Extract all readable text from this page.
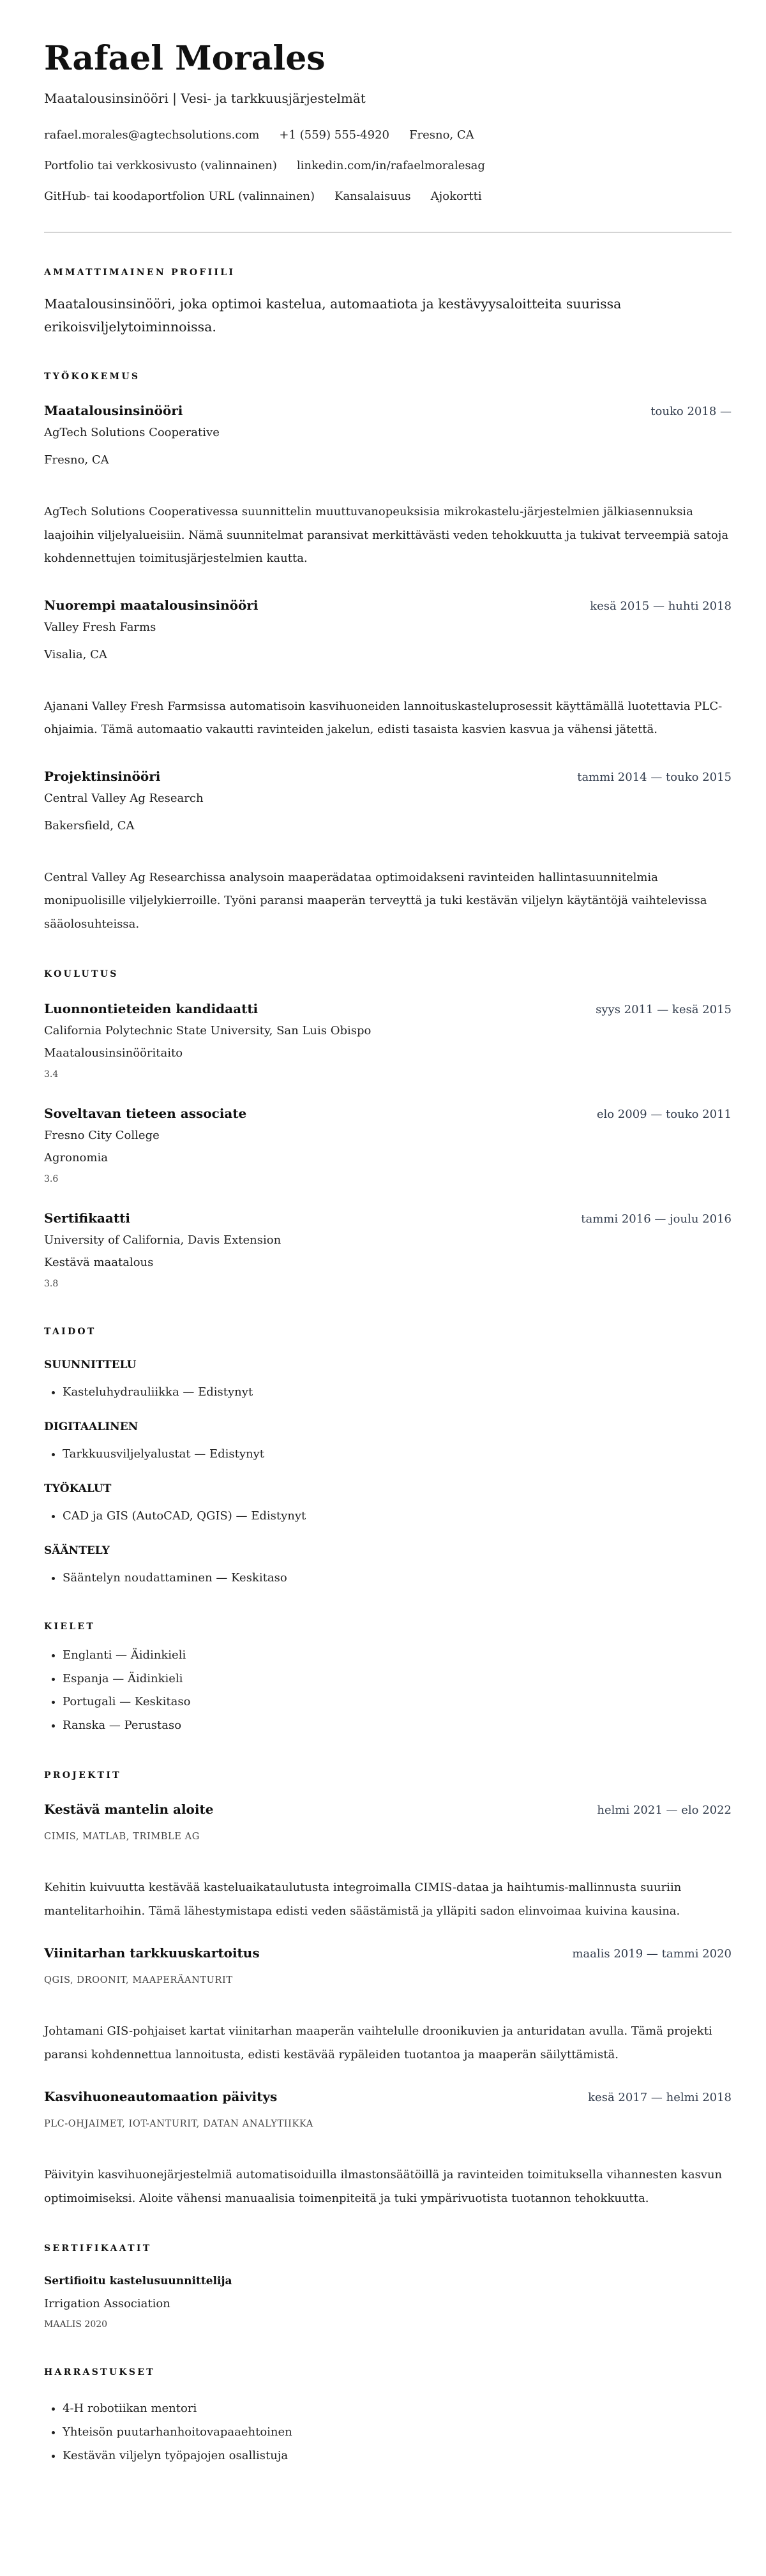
Rafael Morales
Maatalousinsinööri | Vesi- ja tarkkuusjärjestelmät
rafael.morales@agtechsolutions.com +1 (559) 555-4920 Fresno, CA
Portfolio tai verkkosivusto (valinnainen) linkedin.com/in/rafaelmoralesag
GitHub- tai koodaportfolion URL (valinnainen) Kansalaisuus Ajokortti
AMMATTIMAINEN PROFIILI
Maatalousinsinööri, joka optimoi kastelua, automaatiota ja kestävyysaloitteita suurissa erikoisviljelytoiminnoissa.
TYÖKOKEMUS
Maatalousinsinööri	touko 2018 —
AgTech Solutions Cooperative
Fresno, CA
AgTech Solutions Cooperativessa suunnittelin muuttuvanopeuksisia mikrokastelu-järjestelmien jälkiasennuksia laajoihin viljelyalueisiin. Nämä suunnitelmat paransivat merkittävästi veden tehokkuutta ja tukivat terveempiä satoja kohdennettujen toimitusjärjestelmien kautta.
Nuorempi maatalousinsinööri	kesä 2015 — huhti 2018
Valley Fresh Farms
Visalia, CA
Ajanani Valley Fresh Farmsissa automatisoin kasvihuoneiden lannoituskasteluprosessit käyttämällä luotettavia PLC-ohjaimia. Tämä automaatio vakautti ravinteiden jakelun, edisti tasaista kasvien kasvua ja vähensi jätettä.
Projektinsinööri	tammi 2014 — touko 2015
Central Valley Ag Research
Bakersfield, CA
Central Valley Ag Researchissa analysoin maaperädataa optimoidakseni ravinteiden hallintasuunnitelmia monipuolisille viljelykierroille. Työni paransi maaperän terveyttä ja tuki kestävän viljelyn käytäntöjä vaihtelevissa sääolosuhteissa.
KOULUTUS
Luonnontieteiden kandidaatti	syys 2011 — kesä 2015
California Polytechnic State University, San Luis Obispo
Maatalousinsinööritaito
3.4
Soveltavan tieteen associate	elo 2009 — touko 2011
Fresno City College
Agronomia
3.6
Sertifikaatti	tammi 2016 — joulu 2016
University of California, Davis Extension
Kestävä maatalous
3.8
TAIDOT
SUUNNITTELU
• Kasteluhydrauliikka — Edistynyt
DIGITAALINEN
• Tarkkuusviljelyalustat — Edistynyt
TYÖKALUT
• CAD ja GIS (AutoCAD, QGIS) — Edistynyt
SÄÄNTELY
• Sääntelyn noudattaminen — Keskitaso
KIELET
• Englanti — Äidinkieli
• Espanja — Äidinkieli
• Portugali — Keskitaso
• Ranska — Perustaso
PROJEKTIT
Kestävä mantelin aloite	helmi 2021 — elo 2022
CIMIS, MATLAB, TRIMBLE AG
Kehitin kuivuutta kestävää kasteluaikataulutusta integroimalla CIMIS-dataa ja haihtumis-mallinnusta suuriin mantelitarhoihin. Tämä lähestymistapa edisti veden säästämistä ja ylläpiti sadon elinvoimaa kuivina kausina.
Viinitarhan tarkkuuskartoitus	maalis 2019 — tammi 2020
QGIS, DROONIT, MAAPERÄANTURIT
Johtamani GIS-pohjaiset kartat viinitarhan maaperän vaihtelulle droonikuvien ja anturidatan avulla. Tämä projekti paransi kohdennettua lannoitusta, edisti kestävää rypäleiden tuotantoa ja maaperän säilyttämistä.
Kasvihuoneautomaation päivitys	kesä 2017 — helmi 2018
PLC-OHJAIMET, IOT-ANTURIT, DATAN ANALYTIIKKA
Päivityin kasvihuonejärjestelmiä automatisoiduilla ilmastonsäätöillä ja ravinteiden toimituksella vihannesten kasvun optimoimiseksi. Aloite vähensi manuaalisia toimenpiteitä ja tuki ympärivuotista tuotannon tehokkuutta.
SERTIFIKAATIT
Sertifioitu kastelusuunnittelija
Irrigation Association
MAALIS 2020
HARRASTUKSET
• 4-H robotiikan mentori
• Yhteisön puutarhanhoitovapaaehtoinen
• Kestävän viljelyn työpajojen osallistuja
